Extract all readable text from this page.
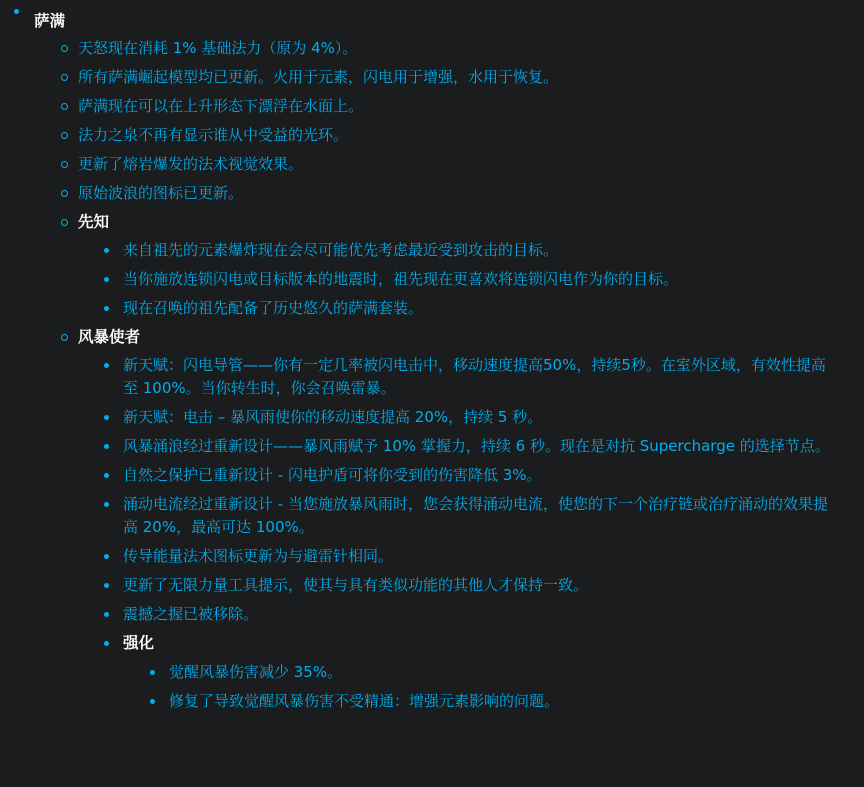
萨满
天怒现在消耗 1% 基础法力（原为 4%）。
所有萨满崛起模型均已更新。火用于元素，闪电用于增强，水用于恢复。
萨满现在可以在上升形态下漂浮在水面上。
法力之泉不再有显示谁从中受益的光环。
更新了熔岩爆发的法术视觉效果。
原始波浪的图标已更新。
先知
来自祖先的元素爆炸现在会尽可能优先考虑最近受到攻击的目标。
当你施放连锁闪电或目标版本的地震时，祖先现在更喜欢将连锁闪电作为你的目标。
现在召唤的祖先配备了历史悠久的萨满套装。
风暴使者
新天赋：闪电导管——你有一定几率被闪电击中，移动速度提高50%，持续5秒。在室外区域，有效性提高至 100%。当你转生时，你会召唤雷暴。
新天赋：电击 – 暴风雨使你的移动速度提高 20%，持续 5 秒。
风暴涌浪经过重新设计——暴风雨赋予 10% 掌握力，持续 6 秒。现在是对抗 Supercharge 的选择节点。
自然之保护已重新设计 - 闪电护盾可将你受到的伤害降低 3%。
涌动电流经过重新设计 - 当您施放暴风雨时，您会获得涌动电流，使您的下一个治疗链或治疗涌动的效果提高 20%，最高可达 100%。
传导能量法术图标更新为与避雷针相同。
更新了无限力量工具提示，使其与具有类似功能的其他人才保持一致。
震撼之握已被移除。
强化
觉醒风暴伤害减少 35%。
修复了导致觉醒风暴伤害不受精通：增强元素影响的问题。
